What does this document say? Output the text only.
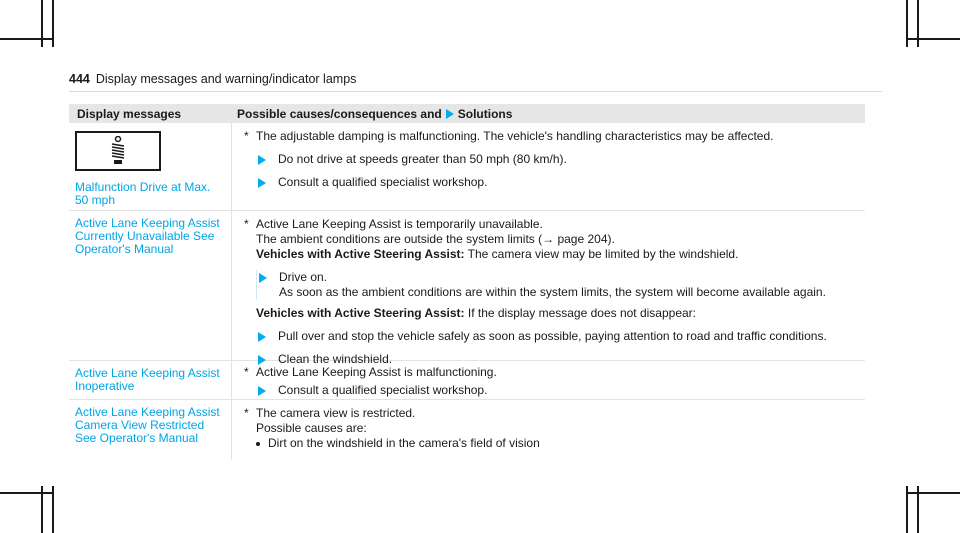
444 Display messages and warning/indicator lamps
Display messages	Possible causes/consequences and Solutions
Malfunction Drive at Max.
50 mph
* The adjustable damping is malfunctioning. The vehicle's handling characteristics may be affected.
Do not drive at speeds greater than 50 mph (80 km/h).
Consult a qualified specialist workshop.
Active Lane Keeping Assist
Currently Unavailable See
Operator's Manual
* Active Lane Keeping Assist is temporarily unavailable.
The ambient conditions are outside the system limits (→ page 204).
Vehicles with Active Steering Assist: The camera view may be limited by the windshield.
Drive on.
As soon as the ambient conditions are within the system limits, the system will become available again.
Vehicles with Active Steering Assist: If the display message does not disappear:
Pull over and stop the vehicle safely as soon as possible, paying attention to road and traffic conditions.
Clean the windshield.
Active Lane Keeping Assist
Inoperative
* Active Lane Keeping Assist is malfunctioning.
Consult a qualified specialist workshop.
Active Lane Keeping Assist
Camera View Restricted
See Operator's Manual
* The camera view is restricted.
Possible causes are:
Dirt on the windshield in the camera's field of vision
